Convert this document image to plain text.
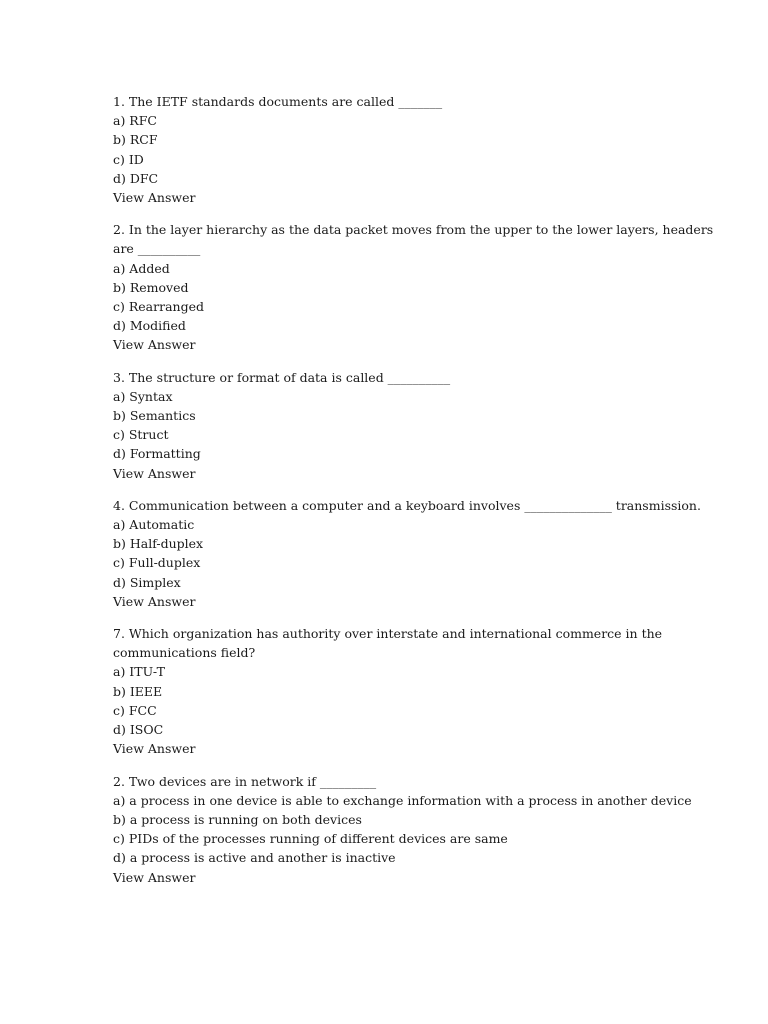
1. The IETF standards documents are called _______
a) RFC
b) RCF
c) ID
d) DFC
View Answer
2. In the layer hierarchy as the data packet moves from the upper to the lower layers, headers are __________
a) Added
b) Removed
c) Rearranged
d) Modified
View Answer
3. The structure or format of data is called __________
a) Syntax
b) Semantics
c) Struct
d) Formatting
View Answer
4. Communication between a computer and a keyboard involves ______________ transmission.
a) Automatic
b) Half-duplex
c) Full-duplex
d) Simplex
View Answer
7. Which organization has authority over interstate and international commerce in the communications field?
a) ITU-T
b) IEEE
c) FCC
d) ISOC
View Answer
2. Two devices are in network if _________
a) a process in one device is able to exchange information with a process in another device
b) a process is running on both devices
c) PIDs of the processes running of different devices are same
d) a process is active and another is inactive
View Answer
